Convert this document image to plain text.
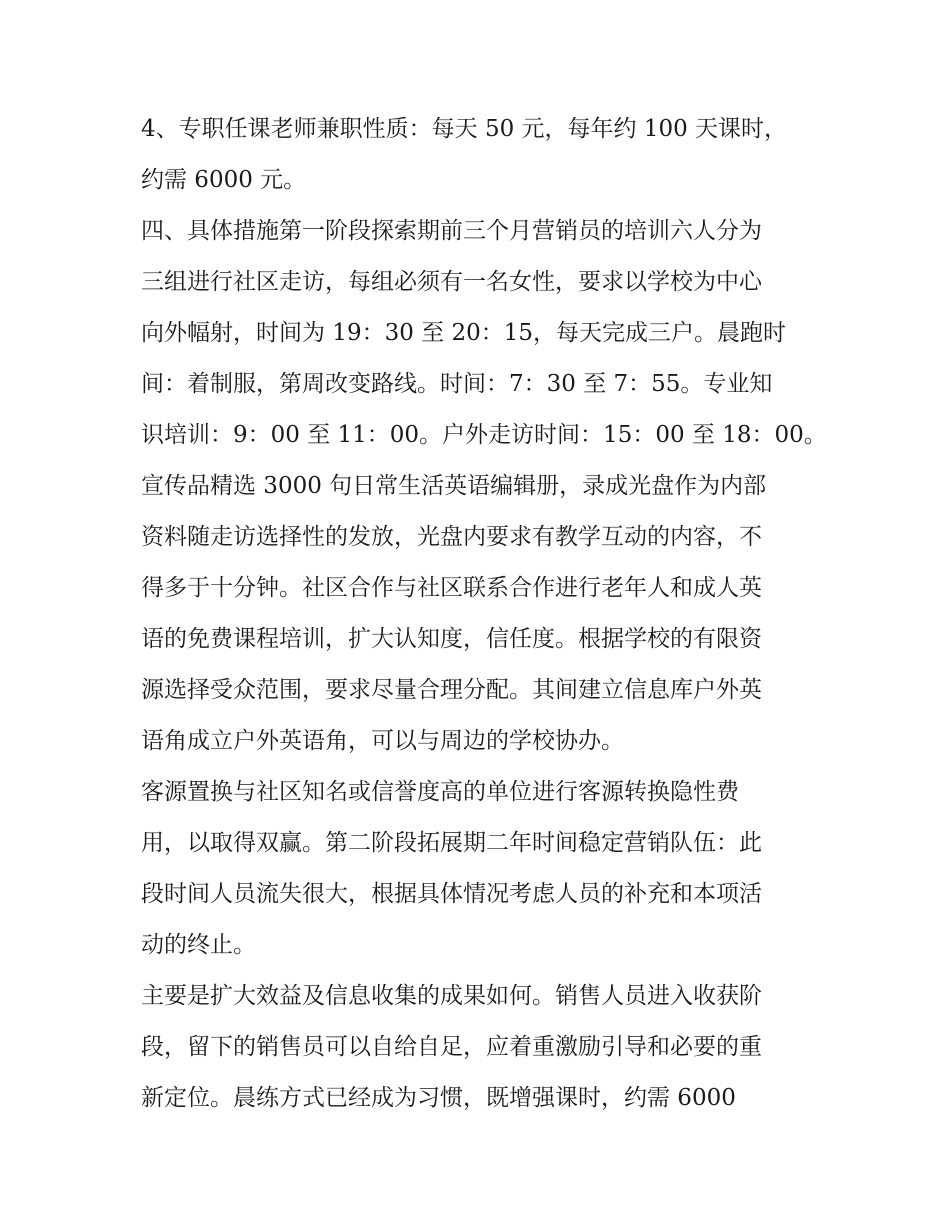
4、专职任课老师兼职性质：每天 50 元，每年约 100 天课时，
约需 6000 元。
四、具体措施第一阶段探索期前三个月营销员的培训六人分为
三组进行社区走访，每组必须有一名女性，要求以学校为中心
向外幅射，时间为 19：30 至 20：15，每天完成三户。晨跑时
间：着制服，第周改变路线。时间：7：30 至 7：55。专业知
识培训：9：00 至 11：00。户外走访时间：15：00 至 18：00。
宣传品精选 3000 句日常生活英语编辑册，录成光盘作为内部
资料随走访选择性的发放，光盘内要求有教学互动的内容，不
得多于十分钟。社区合作与社区联系合作进行老年人和成人英
语的免费课程培训，扩大认知度，信任度。根据学校的有限资
源选择受众范围，要求尽量合理分配。其间建立信息库户外英
语角成立户外英语角，可以与周边的学校协办。
客源置换与社区知名或信誉度高的单位进行客源转换隐性费
用，以取得双赢。第二阶段拓展期二年时间稳定营销队伍：此
段时间人员流失很大，根据具体情况考虑人员的补充和本项活
动的终止。
主要是扩大效益及信息收集的成果如何。销售人员进入收获阶
段，留下的销售员可以自给自足，应着重激励引导和必要的重
新定位。晨练方式已经成为习惯，既增强课时，约需 6000
